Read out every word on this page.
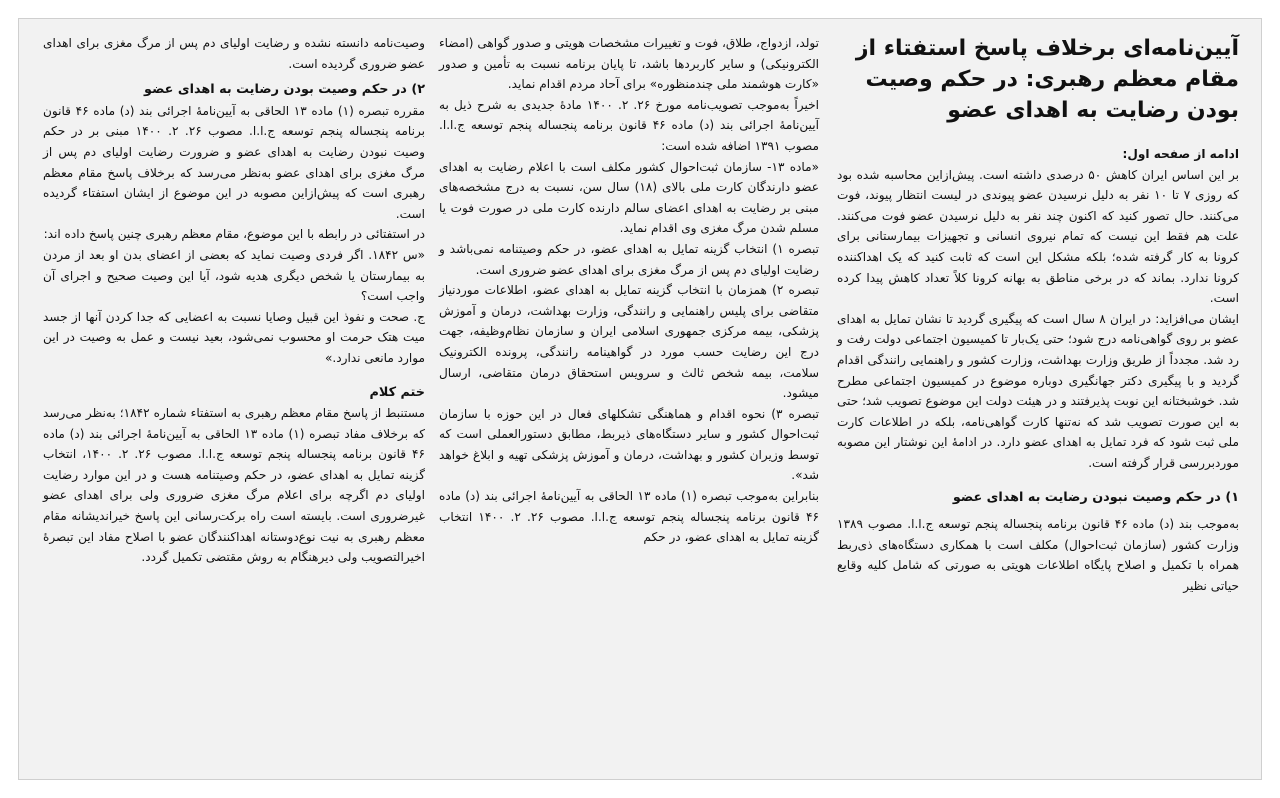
آیین‌نامه‌ای برخلاف پاسخ استفتاء از مقام معظم رهبری: در حکم وصیت بودن رضایت به اهدای عضو

ادامه از صفحه اول:

بر این اساس ایران کاهش ۵۰ درصدی داشته است. پیش‌ازاین محاسبه شده بود که روزی ۷ تا ۱۰ نفر به دلیل نرسیدن عضو پیوندی در لیست انتظار پیوند، فوت می‌کنند. حال تصور کنید که اکنون چند نفر به دلیل نرسیدن عضو فوت می‌کنند. علت هم فقط این نیست که تمام نیروی انسانی و تجهیزات بیمارستانی برای کرونا به کار گرفته شده؛ بلکه مشکل این است که ثابت کنید که یک اهداکننده کرونا ندارد. بماند که در برخی مناطق به بهانه کرونا کلاً تعداد کاهش پیدا کرده است.

ایشان می‌افزاید: در ایران ۸ سال است که پیگیری گردید تا نشان تمایل به اهدای عضو بر روی گواهی‌نامه درج شود؛ حتی یک‌بار تا کمیسیون اجتماعی دولت رفت و رد شد. مجدداً از طریق وزارت بهداشت، وزارت کشور و راهنمایی رانندگی اقدام گردید و با پیگیری دکتر جهانگیری دوباره موضوع در کمیسیون اجتماعی مطرح شد. خوشبختانه این نوبت پذیرفتند و در هیئت دولت این موضوع تصویب شد؛ حتی به این صورت تصویب شد که نه‌تنها کارت گواهی‌نامه، بلکه در اطلاعات کارت ملی ثبت شود که فرد تمایل به اهدای عضو دارد. در ادامهٔ این نوشتار این مصوبه موردبررسی قرار گرفته است.

۱) در حکم وصیت نبودن رضایت به اهدای عضو

به‌موجب بند (د) ماده ۴۶ قانون برنامه پنجساله پنجم توسعه ج.ا.ا. مصوب ۱۳۸۹ وزارت کشور (سازمان ثبت‌احوال) مکلف است با همکاری دستگاه‌های ذی‌ربط همراه با تکمیل و اصلاح پایگاه اطلاعات هویتی به صورتی که شامل کلیه وقایع حیاتی نظیر

تولد، ازدواج، طلاق، فوت و تغییرات مشخصات هویتی و صدور گواهی (امضاء الکترونیکی) و سایر کاربردها باشد، تا پایان برنامه نسبت به تأمین و صدور «کارت هوشمند ملی چندمنظوره» برای آحاد مردم اقدام نماید.

اخیراً به‌موجب تصویب‌نامه مورخ ۲۶. ۲. ۱۴۰۰ مادهٔ جدیدی به شرح ذیل به آیین‌نامهٔ اجرائی بند (د) ماده ۴۶ قانون برنامه پنجساله پنجم توسعه ج.ا.ا. مصوب ۱۳۹۱ اضافه شده است:

«ماده ۱۳- سازمان ثبت‌احوال کشور مکلف است با اعلام رضایت به اهدای عضو دارندگان کارت ملی بالای (۱۸) سال سن، نسبت به درج مشخصه‌های مبنی بر رضایت به اهدای اعضای سالم دارنده کارت ملی در صورت فوت یا مسلم شدن مرگ مغزی وی اقدام نماید.

تبصره ۱) انتخاب گزینه تمایل به اهدای عضو، در حکم وصیتنامه نمی‌باشد و رضایت اولیای دم پس از مرگ مغزی برای اهدای عضو ضروری است.

تبصره ۲) همزمان با انتخاب گزینه تمایل به اهدای عضو، اطلاعات موردنیاز متقاضی برای پلیس راهنمایی و رانندگی، وزارت بهداشت، درمان و آموزش پزشکی، بیمه مرکزی جمهوری اسلامی ایران و سازمان نظام‌وظیفه، جهت درج این رضایت حسب مورد در گواهینامه رانندگی، پرونده الکترونیک سلامت، بیمه شخص ثالث و سرویس استحقاق درمان متقاضی، ارسال میشود.

تبصره ۳) نحوه اقدام و هماهنگی تشکلهای فعال در این حوزه با سازمان ثبت‌احوال کشور و سایر دستگاه‌های ذیربط، مطابق دستورالعملی است که توسط وزیران کشور و بهداشت، درمان و آموزش پزشکی تهیه و ابلاغ خواهد شد».

بنابراین به‌موجب تبصره (۱) ماده ۱۳ الحاقی به آیین‌نامهٔ اجرائی بند (د) ماده ۴۶ قانون برنامه پنجساله پنجم توسعه ج.ا.ا. مصوب ۲۶. ۲. ۱۴۰۰ انتخاب گزینه تمایل به اهدای عضو، در حکم

وصیت‌نامه دانسته نشده و رضایت اولیای دم پس از مرگ مغزی برای اهدای عضو ضروری گردیده است.

۲) در حکم وصیت بودن رضایت به اهدای عضو

مقرره تبصره (۱) ماده ۱۳ الحاقی به آیین‌نامهٔ اجرائی بند (د) ماده ۴۶ قانون برنامه پنجساله پنجم توسعه ج.ا.ا. مصوب ۲۶. ۲. ۱۴۰۰ مبنی بر در حکم وصیت نبودن رضایت به اهدای عضو و ضرورت رضایت اولیای دم پس از مرگ مغزی برای اهدای عضو به‌نظر می‌رسد که برخلاف پاسخ مقام معظم رهبری است که پیش‌ازاین مصوبه در این موضوع از ایشان استفتاء گردیده است.

در استفتائی در رابطه با این موضوع، مقام معظم رهبری چنین پاسخ داده اند:

«س ۱۸۴۲. اگر فردی وصیت نماید که بعضی از اعضای بدن او بعد از مردن به بیمارستان یا شخص دیگری هدیه شود، آیا این وصیت صحیح و اجرای آن واجب است؟

ج. صحت و نفوذ این قبیل وصایا نسبت به اعضایی که جدا کردن آنها از جسد میت هتک حرمت او محسوب نمی‌شود، بعید نیست و عمل به وصیت در این موارد مانعی ندارد.»

ختم کلام

مستنبط از پاسخ مقام معظم رهبری به استفتاء شماره ۱۸۴۲؛ به‌نظر می‌رسد که برخلاف مفاد تبصره (۱) ماده ۱۳ الحاقی به آیین‌نامهٔ اجرائی بند (د) ماده ۴۶ قانون برنامه پنجساله پنجم توسعه ج.ا.ا. مصوب ۲۶. ۲. ۱۴۰۰، انتخاب گزینه تمایل به اهدای عضو، در حکم وصیتنامه هست و در این موارد رضایت اولیای دم اگرچه برای اعلام مرگ مغزی ضروری ولی برای اهدای عضو غیرضروری است. بایسته است راه برکت‌رسانی این پاسخ خیراندیشانه مقام معظم رهبری به نیت نوع‌دوستانه اهداکنندگان عضو با اصلاح مفاد این تبصرهٔ اخیرالتصویب ولی دیرهنگام به روش مقتضی تکمیل گردد.
